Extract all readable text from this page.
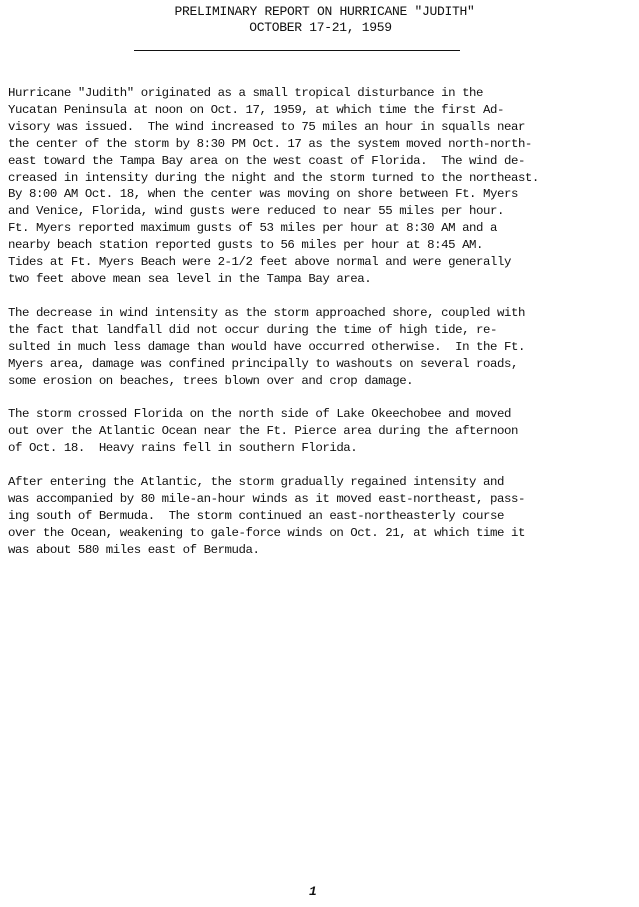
PRELIMINARY REPORT ON HURRICANE "JUDITH"
OCTOBER 17-21, 1959
Hurricane "Judith" originated as a small tropical disturbance in the
Yucatan Peninsula at noon on Oct. 17, 1959, at which time the first Ad-
visory was issued.  The wind increased to 75 miles an hour in squalls near
the center of the storm by 8:30 PM Oct. 17 as the system moved north-north-
east toward the Tampa Bay area on the west coast of Florida.  The wind de-
creased in intensity during the night and the storm turned to the northeast.
By 8:00 AM Oct. 18, when the center was moving on shore between Ft. Myers
and Venice, Florida, wind gusts were reduced to near 55 miles per hour.
Ft. Myers reported maximum gusts of 53 miles per hour at 8:30 AM and a
nearby beach station reported gusts to 56 miles per hour at 8:45 AM.
Tides at Ft. Myers Beach were 2-1/2 feet above normal and were generally
two feet above mean sea level in the Tampa Bay area.
The decrease in wind intensity as the storm approached shore, coupled with
the fact that landfall did not occur during the time of high tide, re-
sulted in much less damage than would have occurred otherwise.  In the Ft.
Myers area, damage was confined principally to washouts on several roads,
some erosion on beaches, trees blown over and crop damage.
The storm crossed Florida on the north side of Lake Okeechobee and moved
out over the Atlantic Ocean near the Ft. Pierce area during the afternoon
of Oct. 18.  Heavy rains fell in southern Florida.
After entering the Atlantic, the storm gradually regained intensity and
was accompanied by 80 mile-an-hour winds as it moved east-northeast, pass-
ing south of Bermuda.  The storm continued an east-northeasterly course
over the Ocean, weakening to gale-force winds on Oct. 21, at which time it
was about 580 miles east of Bermuda.
1
